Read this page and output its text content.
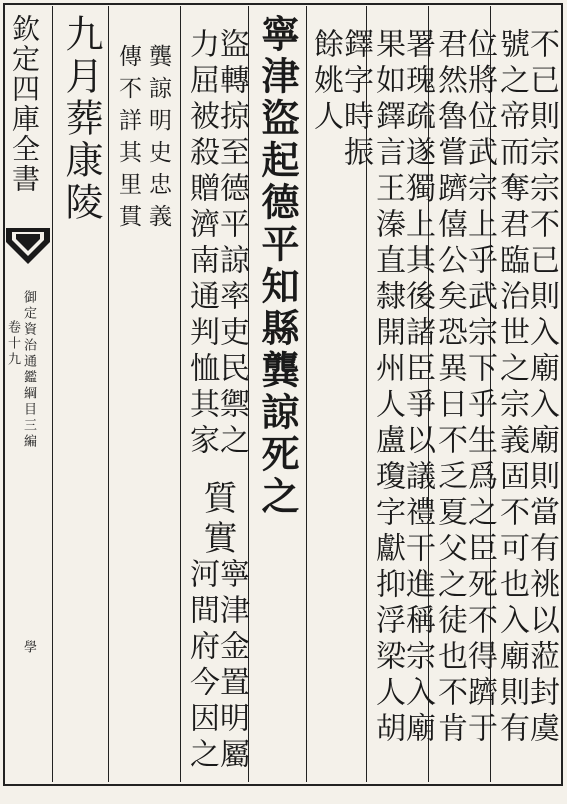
欽定四庫全書
御定資治通鑑綱目三編
卷十九
學	不已則宗宗不已則入廟入廟則當有祧以蒞封虞
號之帝而奪君臨治世之宗義固不可也入廟則有
位將位武宗上乎武宗下乎生爲之臣死不得躋于
君然魯嘗躋僖公矣恐異日不乏夏父之徒也不肯
署瑰疏遂獨上其後諸臣爭以議禮干進稱宗入廟
果如鐸言王溱直隸開州人盧瓊字獻抑浮梁人胡
鐸字時振
餘姚人
寧津盜起德平知縣龔諒死之
盜轉掠至德平諒率吏民禦之
質實
寧津金置明屬
力屈被殺贈濟南通判恤其家
河間府今因之
龔諒明史忠義
傳不詳其里貫
九月葬康陵
